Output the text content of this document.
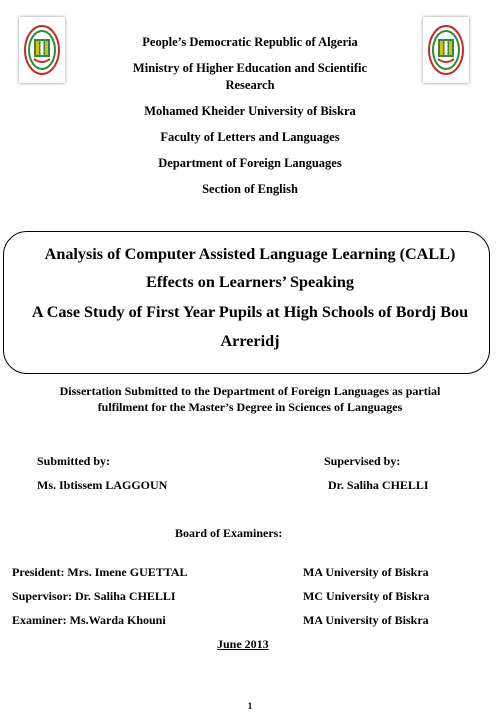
People’s Democratic Republic of Algeria
Ministry of Higher Education and Scientific
Research
Mohamed Kheider University of Biskra
Faculty of Letters and Languages
Department of Foreign Languages
Section of English
Analysis of Computer Assisted Language Learning (CALL)
Effects on Learners’ Speaking
A Case Study of First Year Pupils at High Schools of Bordj Bou
Arreridj
Dissertation Submitted to the Department of Foreign Languages as partial
fulfilment for the Master’s Degree in Sciences of Languages
Submitted by:
Ms. Ibtissem LAGGOUN
Supervised by:
Dr. Saliha CHELLI
Board of Examiners:
President: Mrs. Imene GUETTAL	MA University of Biskra
Supervisor: Dr. Saliha CHELLI	MC University of Biskra
Examiner: Ms.Warda Khouni	MA University of Biskra
June 2013
1
